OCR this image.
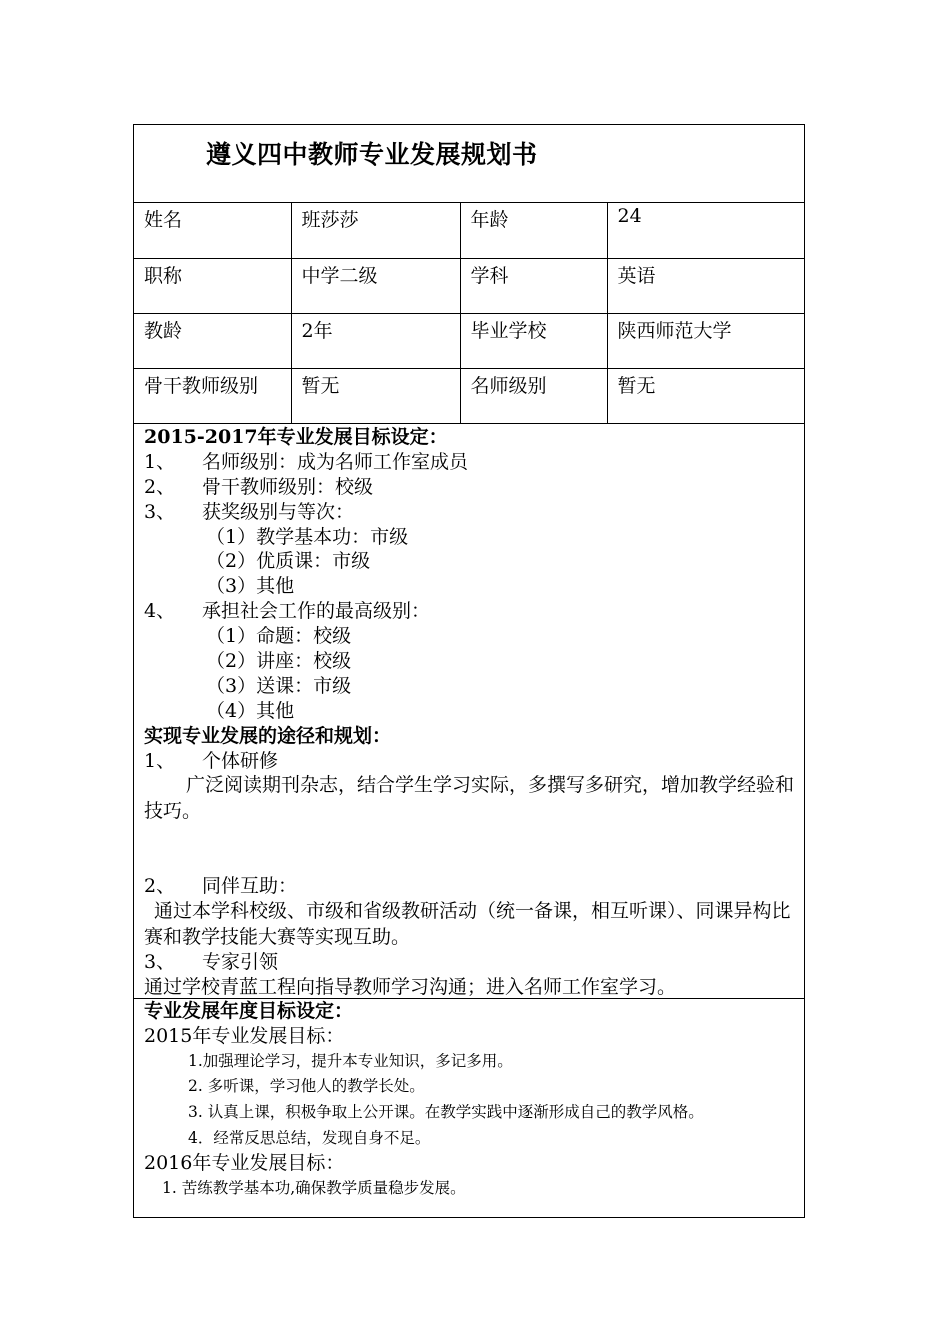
遵义四中教师专业发展规划书
姓名	班莎莎	年龄	24
职称	中学二级	学科	英语
教龄	2年	毕业学校	陕西师范大学
骨干教师级别	暂无	名师级别	暂无
2015-2017年专业发展目标设定：
1、 名师级别：成为名师工作室成员
2、 骨干教师级别：校级
3、 获奖级别与等次：
（1）教学基本功：市级
（2）优质课：市级
（3）其他
4、 承担社会工作的最高级别：
（1）命题：校级
（2）讲座：校级
（3）送课：市级
（4）其他
实现专业发展的途径和规划：
1、 个体研修
广泛阅读期刊杂志，结合学生学习实际，多撰写多研究，增加教学经验和技巧。
2、 同伴互助：
通过本学科校级、市级和省级教研活动（统一备课，相互听课）、同课异构比赛和教学技能大赛等实现互助。
3、 专家引领
通过学校青蓝工程向指导教师学习沟通；进入名师工作室学习。
专业发展年度目标设定：
2015年专业发展目标：
1.加强理论学习，提升本专业知识，多记多用。
2. 多听课，学习他人的教学长处。
3. 认真上课，积极争取上公开课。在教学实践中逐渐形成自己的教学风格。
4．经常反思总结，发现自身不足。
2016年专业发展目标：
1. 苦练教学基本功,确保教学质量稳步发展。
